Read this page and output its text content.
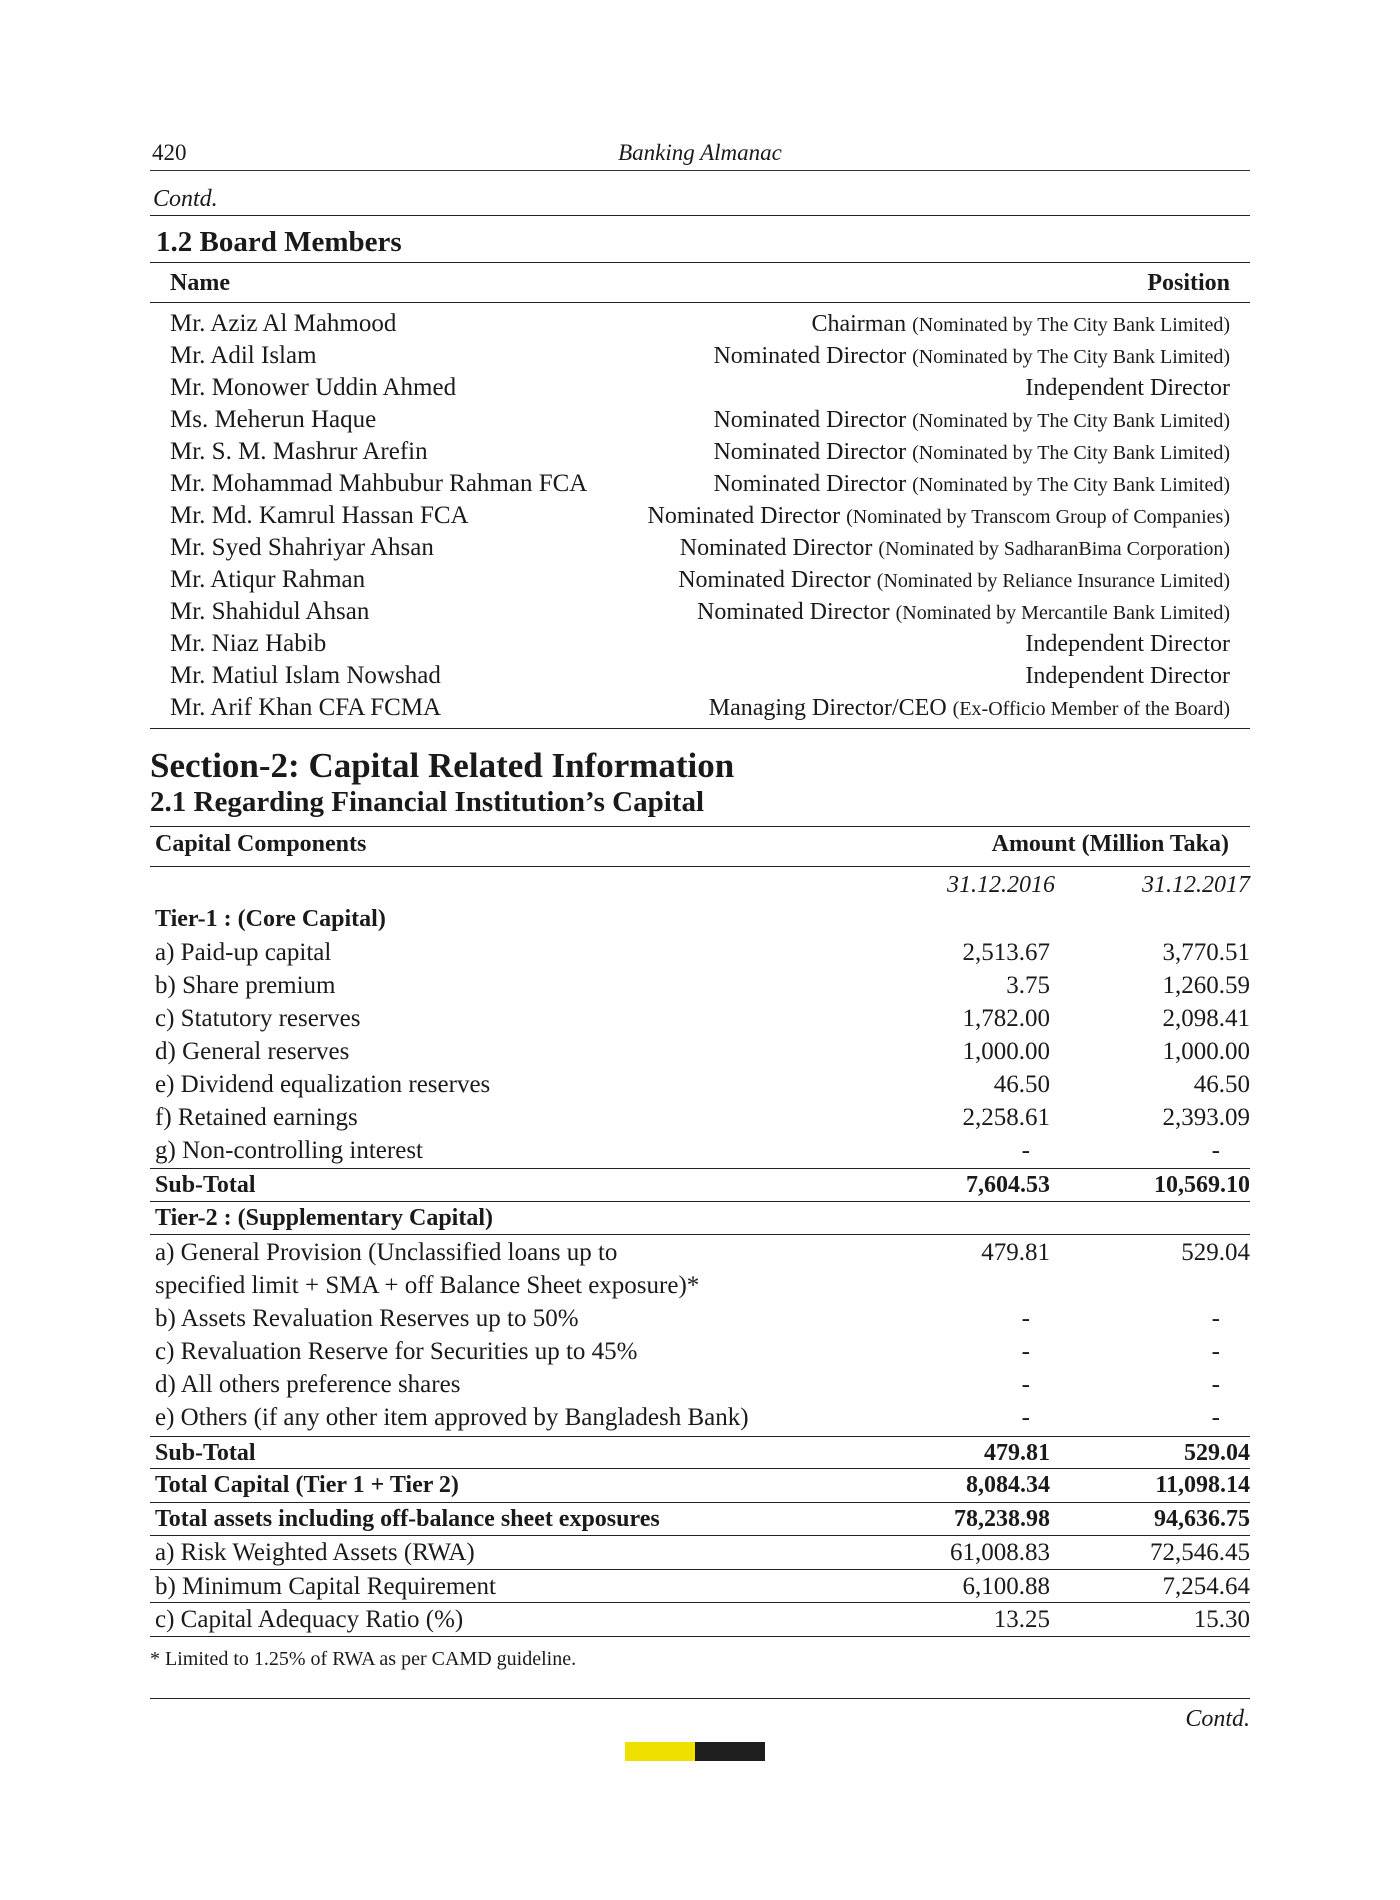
420	Banking Almanac
Contd.
1.2 Board Members
Name	Position
Mr. Aziz Al Mahmood	Chairman (Nominated by The City Bank Limited)
Mr. Adil Islam	Nominated Director (Nominated by The City Bank Limited)
Mr. Monower Uddin Ahmed	Independent Director
Ms. Meherun Haque	Nominated Director (Nominated by The City Bank Limited)
Mr. S. M. Mashrur Arefin	Nominated Director (Nominated by The City Bank Limited)
Mr. Mohammad Mahbubur Rahman FCA	Nominated Director (Nominated by The City Bank Limited)
Mr. Md. Kamrul Hassan FCA	Nominated Director (Nominated by Transcom Group of Companies)
Mr. Syed Shahriyar Ahsan	Nominated Director (Nominated by SadharanBima Corporation)
Mr. Atiqur Rahman	Nominated Director (Nominated by Reliance Insurance Limited)
Mr. Shahidul Ahsan	Nominated Director (Nominated by Mercantile Bank Limited)
Mr. Niaz Habib	Independent Director
Mr. Matiul Islam Nowshad	Independent Director
Mr. Arif Khan CFA FCMA	Managing Director/CEO (Ex-Officio Member of the Board)
Section-2: Capital Related Information
2.1 Regarding Financial Institution’s Capital
Capital Components	Amount (Million Taka)
31.12.2016	31.12.2017
Tier-1 : (Core Capital)
a) Paid-up capital	2,513.67	3,770.51
b) Share premium	3.75	1,260.59
c) Statutory reserves	1,782.00	2,098.41
d) General reserves	1,000.00	1,000.00
e) Dividend equalization reserves	46.50	46.50
f) Retained earnings	2,258.61	2,393.09
g) Non-controlling interest	-	-
Sub-Total	7,604.53	10,569.10
Tier-2 : (Supplementary Capital)
a) General Provision (Unclassified loans up to	479.81	529.04
specified limit + SMA + off Balance Sheet exposure)*
b) Assets Revaluation Reserves up to 50%	-	-
c) Revaluation Reserve for Securities up to 45%	-	-
d) All others preference shares	-	-
e) Others (if any other item approved by Bangladesh Bank)	-	-
Sub-Total	479.81	529.04
Total Capital (Tier 1 + Tier 2)	8,084.34	11,098.14
Total assets including off-balance sheet exposures	78,238.98	94,636.75
a) Risk Weighted Assets (RWA)	61,008.83	72,546.45
b) Minimum Capital Requirement	6,100.88	7,254.64
c) Capital Adequacy Ratio (%)	13.25	15.30
* Limited to 1.25% of RWA as per CAMD guideline.
Contd.
